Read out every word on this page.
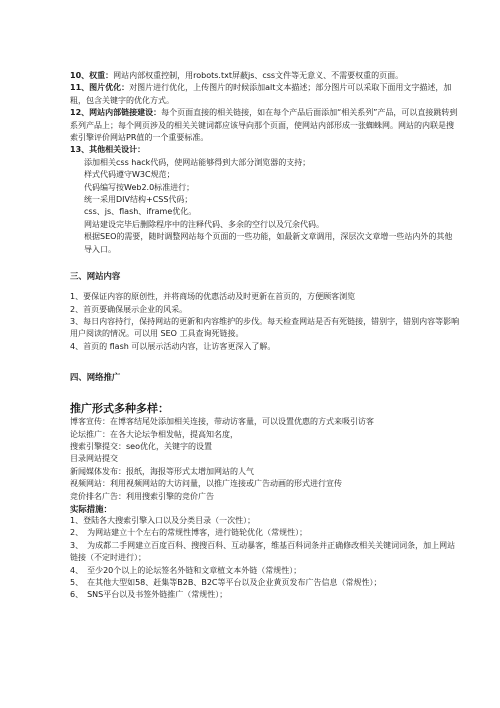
10、权重：网站内部权重控制，用robots.txt屏蔽js、css文件等无意义、不需要权重的页面。
11、图片优化：对图片进行优化，上传图片的时候添加alt文本描述；部分图片可以采取下面用文字描述，加粗，包含关键字的优化方式。
12、网站内部链接建设：每个页面直接的相关链接，如在每个产品后面添加“相关系列”产品，可以直接跳转到系列产品上；每个网页涉及的相关关键词都应该导向那个页面，使网站内部形成一张蜘蛛网。网站的内联是搜索引擎评价网站PR值的一个重要标准。
13、其他相关设计：

添加相关css hack代码，使网站能够得到大部分浏览器的支持；

样式代码遵守W3C规范；

代码编写按Web2.0标准进行；

统一采用DIV结构+CSS代码；

css、js、flash、iframe优化。

网站建设完毕后删除程序中的注释代码、多余的空行以及冗余代码。

根据SEO的需要，随时调整网站每个页面的一些功能，如最新文章调用，深层次文章增一些站内外的其他导入口。

三、网站内容

1、要保证内容的原创性，并将商场的优惠活动及时更新在首页的，方便顾客浏览

2、首页要确保展示企业的风采。

3、每日内容持行，保持网站的更新和内容维护的步伐。每天检查网站是否有死链接，错别字，错别内容等影响用户阅读的情况。可以用 SEO 工具查询死链接。

4、首页的 flash 可以展示活动内容，让访客更深入了解。

四、网络推广

推广形式多种多样：

博客宣传：在博客结尾处添加相关连接，带动访客量，可以设置优惠的方式来吸引访客

论坛推广：在各大论坛争相发帖，提高知名度，

搜索引擎提交：seo优化，关键字的设置

目录网站提交

新闻媒体发布：报纸，海报等形式太增加网站的人气

视频网站：利用视频网站的大访问量，以推广连接或广告动画的形式进行宣传

竞价排名广告：利用搜索引擎的竞价广告

实际措施：

1、登陆各大搜索引擎入口以及分类目录（一次性）；

2、　为网站建立十个左右的常规性博客，进行链轮优化（常规性）；

3、　为成都二手网建立百度百科、搜搜百科、互动暴客，维基百科词条并正确修改相关关键词词条，加上网站链接（不定时进行）；

4、　至少20个以上的论坛签名外链和文章植文本外链（常规性）；

5、　在其他大型如58、赶集等B2B、B2C等平台以及企业黄页发布广告信息（常规性）；

6、　SNS平台以及书签外链推广（常规性）；
